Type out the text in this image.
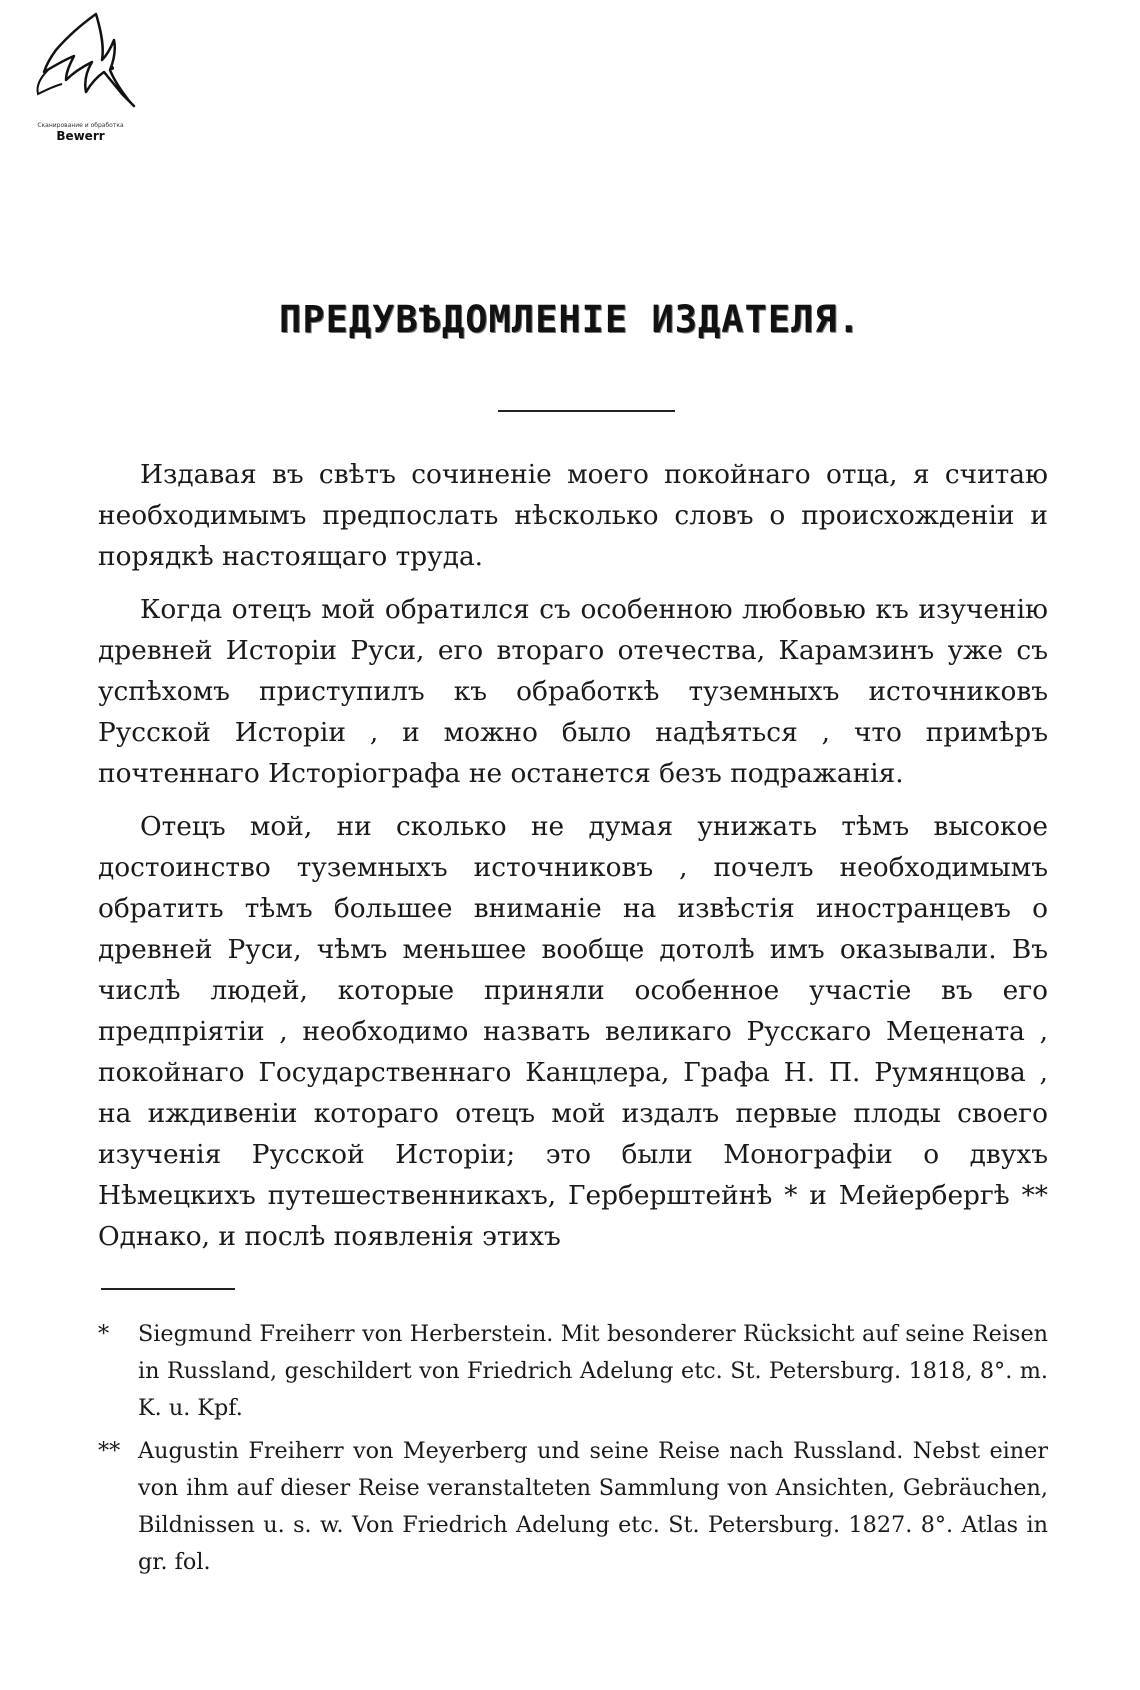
Сканирование и обработка
Bewerr
ПРЕДУВѢДОМЛЕНІЕ ИЗДАТЕЛЯ.

Издавая въ свѣтъ сочиненіе моего покойнаго отца, я считаю необходимымъ предпослать нѣсколько словъ о происхожденіи и порядкѣ настоящаго труда.

Когда отецъ мой обратился съ особенною любовью къ изученію древней Исторіи Руси, его втораго отечества, Карамзинъ уже съ успѣхомъ приступилъ къ обработкѣ туземныхъ источниковъ Русской Исторіи , и можно было надѣяться , что примѣръ почтеннаго Исторіографа не останется безъ подражанія.

Отецъ мой, ни сколько не думая унижать тѣмъ высокое достоинство туземныхъ источниковъ , почелъ необходимымъ обратить тѣмъ большее вниманіе на извѣстія иностранцевъ о древней Руси, чѣмъ меньшее вообще дотолѣ имъ оказывали. Въ числѣ людей, которые приняли особенное участіе въ его предпріятіи , необходимо назвать великаго Русскаго Мецената , покойнаго Государственнаго Канцлера, Графа Н. П. Румянцова , на иждивеніи котораго отецъ мой издалъ первые плоды своего изученія Русской Исторіи; это были Монографіи о двухъ Нѣмецкихъ путешественникахъ, Герберштейнѣ * и Мейербергѣ ** Однако, и послѣ появленія этихъ

* Siegmund Freiherr von Herberstein. Mit besonderer Rücksicht auf seine Reisen in Russland, geschildert von Friedrich Adelung etc. St. Petersburg. 1818, 8°. m. K. u. Kpf.

** Augustin Freiherr von Meyerberg und seine Reise nach Russland. Nebst einer von ihm auf dieser Reise veranstalteten Sammlung von Ansichten, Gebräuchen, Bildnissen u. s. w. Von Friedrich Adelung etc. St. Petersburg. 1827. 8°. Atlas in gr. fol.
